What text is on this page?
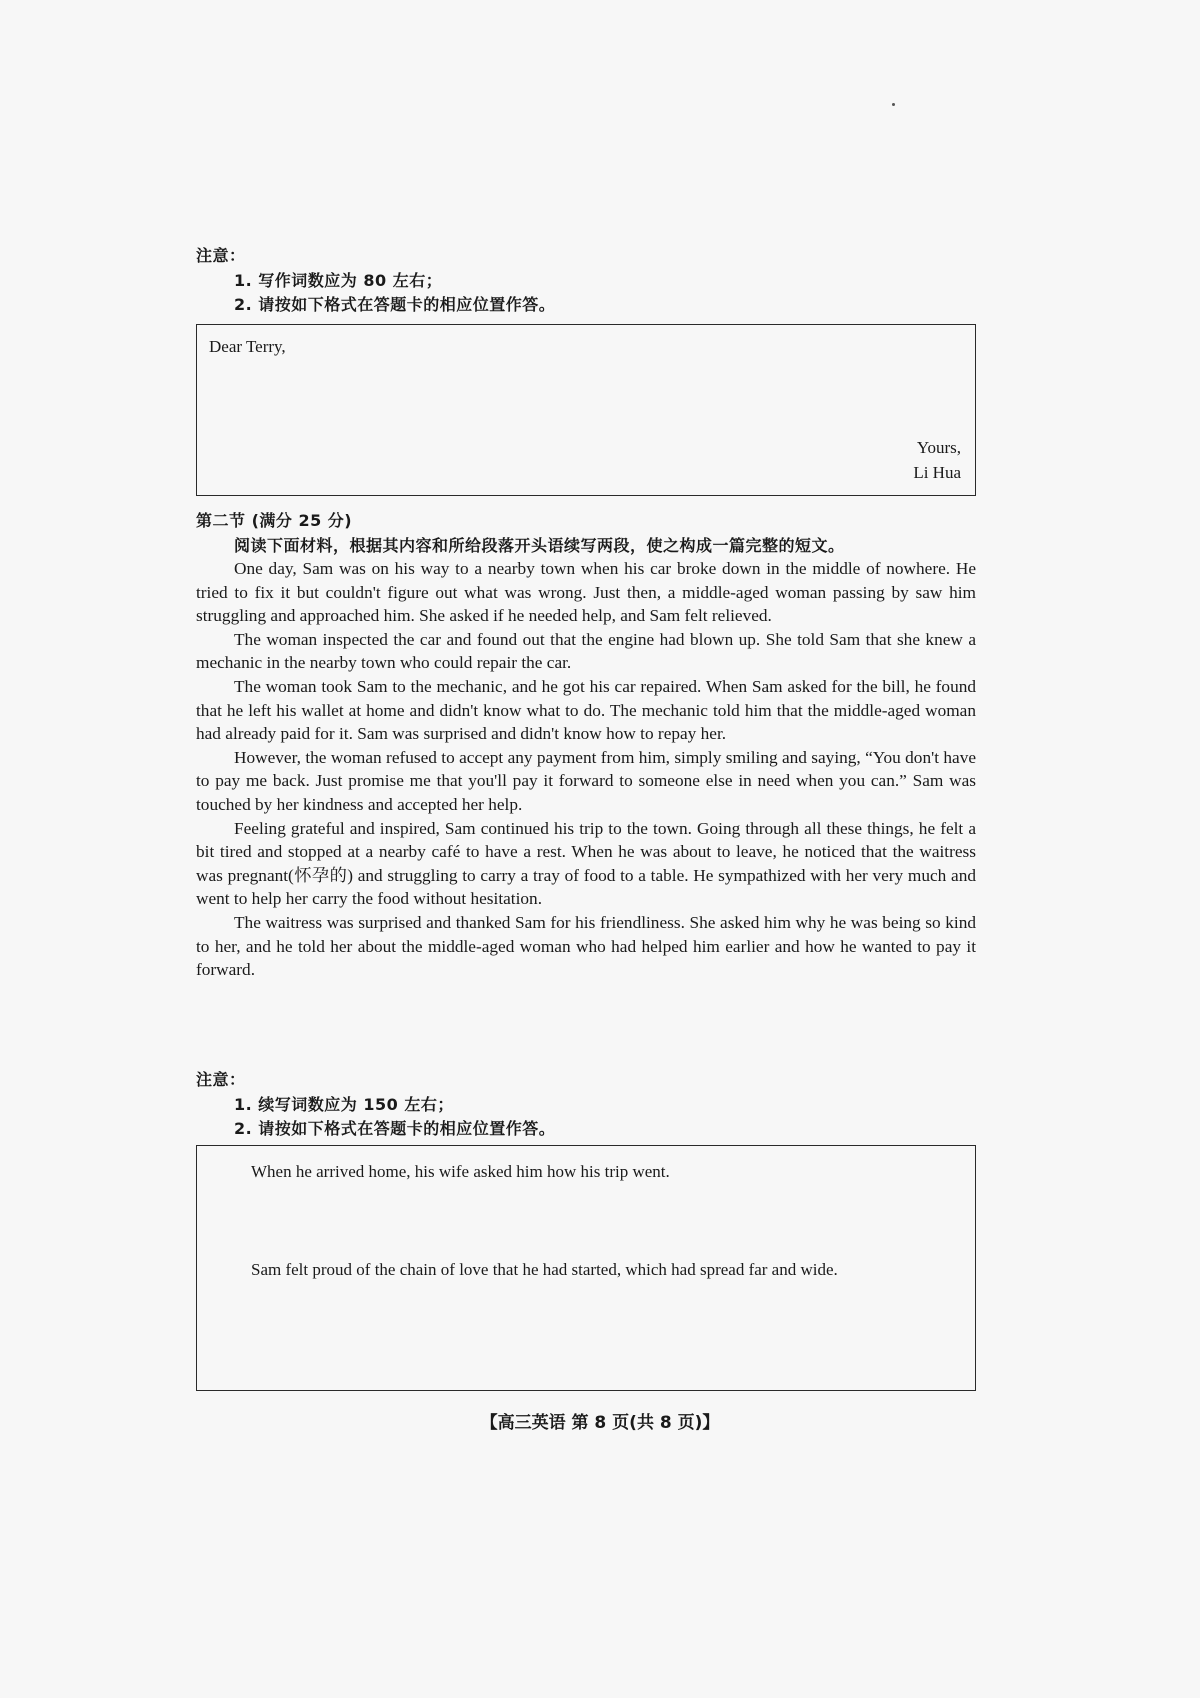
注意：
1. 写作词数应为 80 左右；
2. 请按如下格式在答题卡的相应位置作答。
Dear Terry,
Yours,
Li Hua
第二节 (满分 25 分)
阅读下面材料，根据其内容和所给段落开头语续写两段，使之构成一篇完整的短文。

One day, Sam was on his way to a nearby town when his car broke down in the middle of nowhere. He tried to fix it but couldn't figure out what was wrong. Just then, a middle-aged woman passing by saw him struggling and approached him. She asked if he needed help, and Sam felt relieved.

The woman inspected the car and found out that the engine had blown up. She told Sam that she knew a mechanic in the nearby town who could repair the car.

The woman took Sam to the mechanic, and he got his car repaired. When Sam asked for the bill, he found that he left his wallet at home and didn't know what to do. The mechanic told him that the middle-aged woman had already paid for it. Sam was surprised and didn't know how to repay her.

However, the woman refused to accept any payment from him, simply smiling and saying, “You don't have to pay me back. Just promise me that you'll pay it forward to someone else in need when you can.” Sam was touched by her kindness and accepted her help.

Feeling grateful and inspired, Sam continued his trip to the town. Going through all these things, he felt a bit tired and stopped at a nearby café to have a rest. When he was about to leave, he noticed that the waitress was pregnant(怀孕的) and struggling to carry a tray of food to a table. He sympathized with her very much and went to help her carry the food without hesitation.

The waitress was surprised and thanked Sam for his friendliness. She asked him why he was being so kind to her, and he told her about the middle-aged woman who had helped him earlier and how he wanted to pay it forward.

注意：
1. 续写词数应为 150 左右；
2. 请按如下格式在答题卡的相应位置作答。
When he arrived home, his wife asked him how his trip went.
Sam felt proud of the chain of love that he had started, which had spread far and wide.
【高三英语 第 8 页(共 8 页)】
